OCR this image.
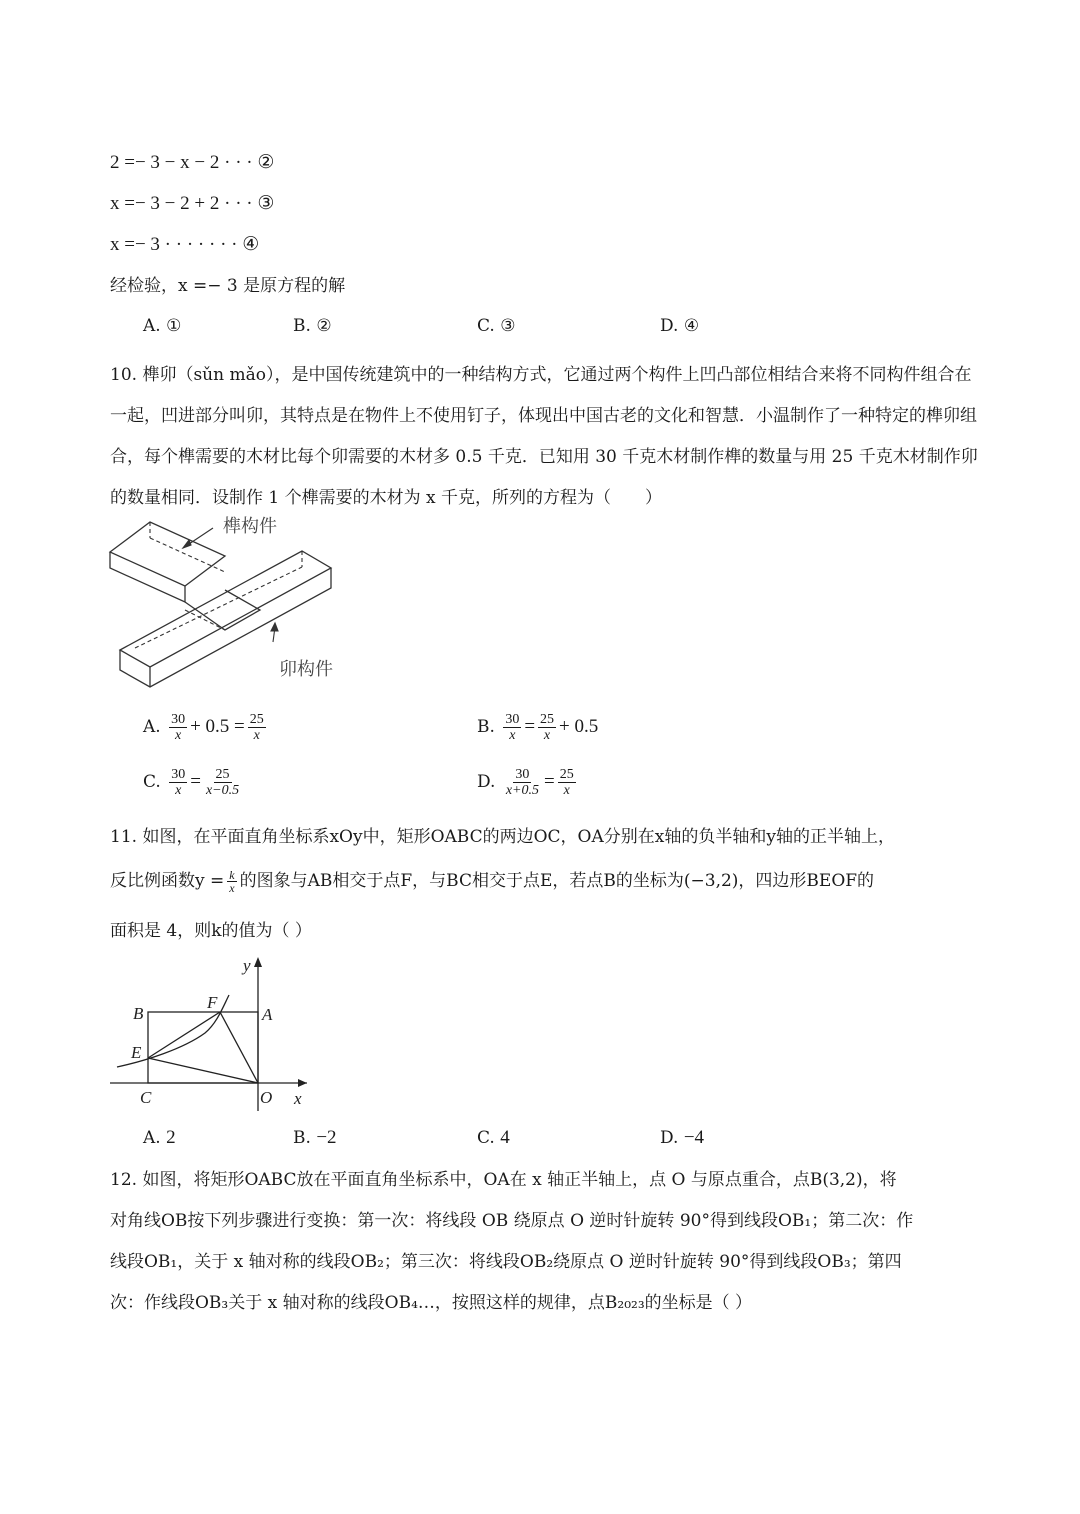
2 =− 3 − x − 2 · · · ②
x =− 3 − 2 + 2 · · · ③
x =− 3 · · · · · · · ④
经检验，x =− 3 是原方程的解
A. ①	B. ②	C. ③	D. ④
10. 榫卯（sǔn mǎo），是中国传统建筑中的一种结构方式，它通过两个构件上凹凸部位相结合来将不同构件组合在一起，凹进部分叫卯，其特点是在物件上不使用钉子，体现出中国古老的文化和智慧．小温制作了一种特定的榫卯组合，每个榫需要的木材比每个卯需要的木材多 0.5 千克．已知用 30 千克木材制作榫的数量与用 25 千克木材制作卯的数量相同．设制作 1 个榫需要的木材为 x 千克，所列的方程为（　　）
榫构件
卯构件
A. $\frac{30}{x} + 0.5 = \frac{25}{x}$	B. $\frac{30}{x} = \frac{25}{x} + 0.5$
C. $\frac{30}{x} = \frac{25}{x-0.5}$	D. $\frac{30}{x+0.5} = \frac{25}{x}$
11. 如图，在平面直角坐标系xOy中，矩形OABC的两边OC，OA分别在x轴的负半轴和y轴的正半轴上，
反比例函数$y = \frac{k}{x}$ 的图象与AB相交于点F，与BC相交于点E，若点B的坐标为(−3,2)，四边形BEOF的
面积是 4，则k的值为（ ）
y
B
F
A
E
C	O x
A. 2	B. −2	C. 4	D. −4
12. 如图，将矩形OABC放在平面直角坐标系中，OA在 x 轴正半轴上，点 O 与原点重合，点B(3,2)，将
对角线OB按下列步骤进行变换：第一次：将线段 OB 绕原点 O 逆时针旋转 90°得到线段OB₁；第二次：作
线段OB₁，关于 x 轴对称的线段OB₂；第三次：将线段OB₂绕原点 O 逆时针旋转 90°得到线段OB₃；第四
次：作线段OB₃关于 x 轴对称的线段OB₄…，按照这样的规律，点B₂₀₂₃的坐标是（ ）
